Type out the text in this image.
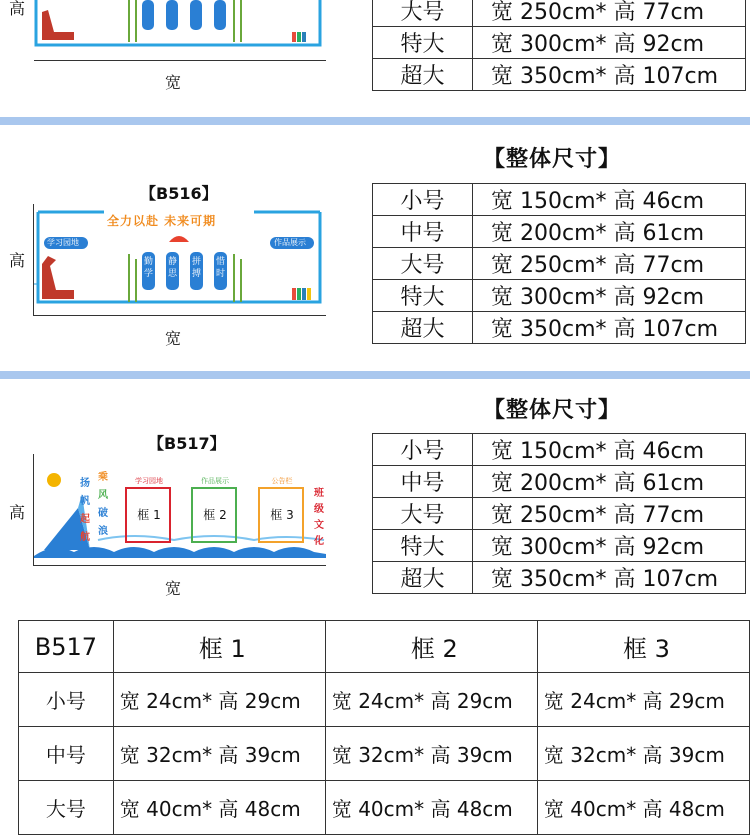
高
宽
大号	宽 250cm* 高 77cm
特大	宽 300cm* 高 92cm
超大	宽 350cm* 高 107cm
【整体尺寸】
【B516】
全力以赴 未来可期
学习园地	作品展示
勤学
静思
拼搏
惜时
高
宽
小号	宽 150cm* 高 46cm
中号	宽 200cm* 高 61cm
大号	宽 250cm* 高 77cm
特大	宽 300cm* 高 92cm
超大	宽 350cm* 高 107cm
【整体尺寸】
【B517】
扬
帆
起
航
乘
风
破
浪
学习园地	作品展示	公告栏
框 1	框 2	框 3
班
级
文
化
高
宽
小号	宽 150cm* 高 46cm
中号	宽 200cm* 高 61cm
大号	宽 250cm* 高 77cm
特大	宽 300cm* 高 92cm
超大	宽 350cm* 高 107cm
B517	框 1	框 2	框 3
小号	宽 24cm* 高 29cm	宽 24cm* 高 29cm	宽 24cm* 高 29cm
中号	宽 32cm* 高 39cm	宽 32cm* 高 39cm	宽 32cm* 高 39cm
大号	宽 40cm* 高 48cm	宽 40cm* 高 48cm	宽 40cm* 高 48cm
